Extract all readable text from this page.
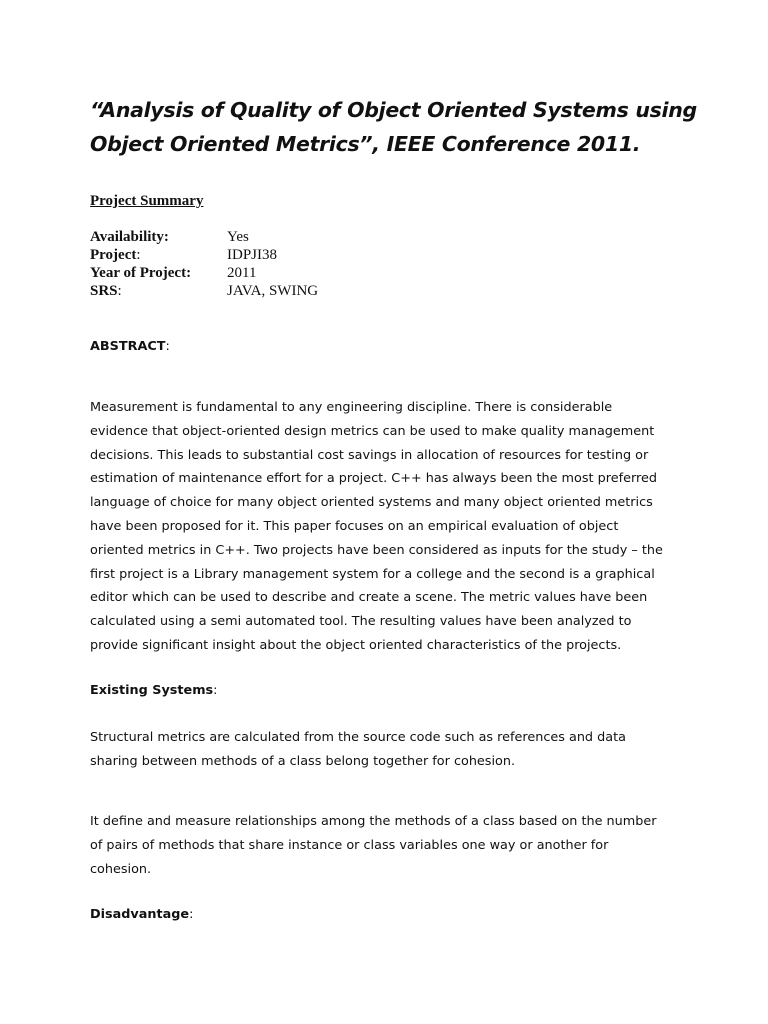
“Analysis of Quality of Object Oriented Systems using
Object Oriented Metrics”, IEEE Conference 2011.
Project Summary
Availability:	Yes
Project:	IDPJI38
Year of Project: 2011
SRS:	JAVA, SWING
ABSTRACT:

Measurement is fundamental to any engineering discipline. There is considerable
evidence that object-oriented design metrics can be used to make quality management
decisions. This leads to substantial cost savings in allocation of resources for testing or
estimation of maintenance effort for a project. C++ has always been the most preferred
language of choice for many object oriented systems and many object oriented metrics
have been proposed for it. This paper focuses on an empirical evaluation of object
oriented metrics in C++. Two projects have been considered as inputs for the study – the
first project is a Library management system for a college and the second is a graphical
editor which can be used to describe and create a scene. The metric values have been
calculated using a semi automated tool. The resulting values have been analyzed to
provide significant insight about the object oriented characteristics of the projects.

Existing Systems:

Structural metrics are calculated from the source code such as references and data
sharing between methods of a class belong together for cohesion.

It define and measure relationships among the methods of a class based on the number
of pairs of methods that share instance or class variables one way or another for
cohesion.

Disadvantage:
